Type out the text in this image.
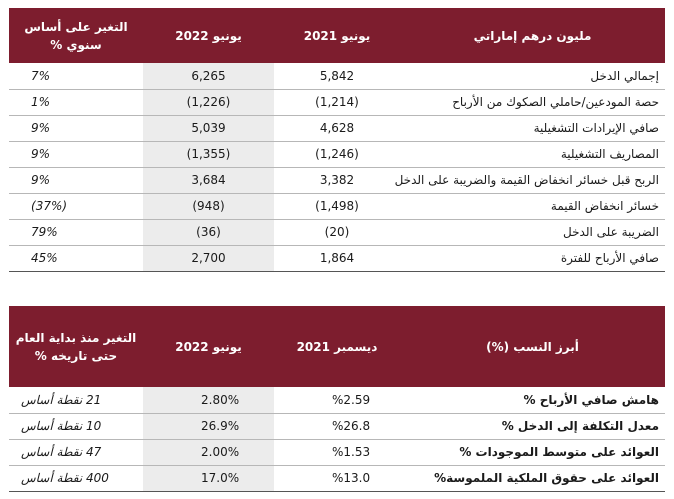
مليون درهم إماراتي	يونيو 2021	يونيو 2022	التغير على أساس سنوي %
إجمالي الدخل	5,842	6,265	7%
حصة المودعين/حاملي الصكوك من الأرباح	(1,214)	(1,226)	1%
صافي الإيرادات التشغيلية	4,628	5,039	9%
المصاريف التشغيلية	(1,246)	(1,355)	9%
الربح قبل خسائر انخفاض القيمة والضريبة على الدخل	3,382	3,684	9%
خسائر انخفاض القيمة	(1,498)	(948)	(37%)
الضريبة على الدخل	(20)	(36)	79%
صافي الأرباح للفترة	1,864	2,700	45%
أبرز النسب (%)	ديسمبر 2021	يونيو 2022	التغير منذ بداية العام حتى تاريخه %
هامش صافي الأرباح %	%2.59	2.80%	21 نقطة أساس
معدل التكلفة إلى الدخل %	%26.8	26.9%	10 نقطة أساس
العوائد على متوسط الموجودات %	%1.53	2.00%	47 نقطة أساس
العوائد على حقوق الملكية الملموسة%	%13.0	17.0%	400 نقطة أساس
